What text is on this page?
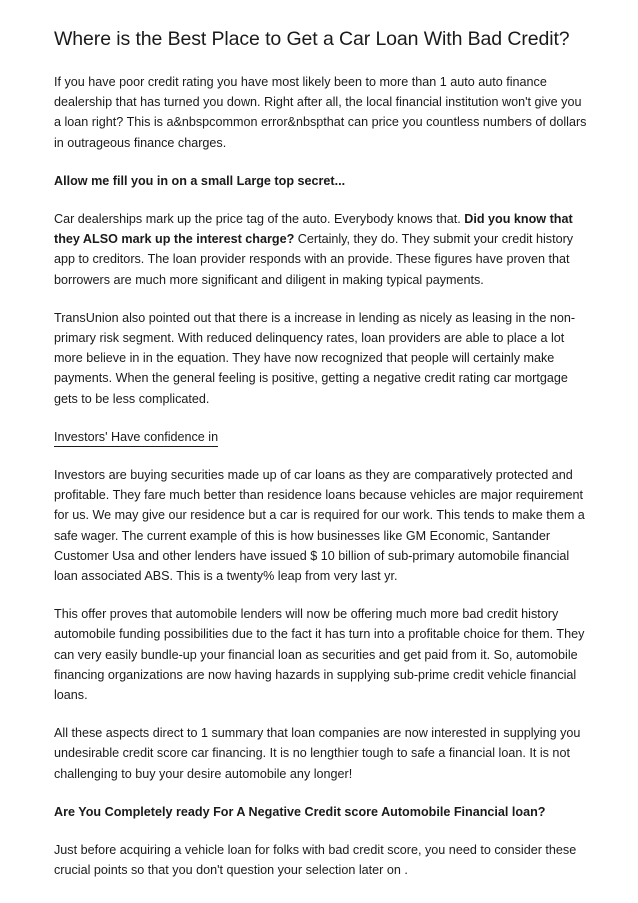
Where is the Best Place to Get a Car Loan With Bad Credit?

If you have poor credit rating you have most likely been to more than 1 auto auto finance dealership that has turned you down. Right after all, the local financial institution won't give you a loan right? This is a&nbspcommon error&nbspthat can price you countless numbers of dollars in outrageous finance charges.

Allow me fill you in on a small Large top secret...

Car dealerships mark up the price tag of the auto. Everybody knows that. Did you know that they ALSO mark up the interest charge? Certainly, they do. They submit your credit history app to creditors. The loan provider responds with an provide. These figures have proven that borrowers are much more significant and diligent in making typical payments.

TransUnion also pointed out that there is a increase in lending as nicely as leasing in the non-primary risk segment. With reduced delinquency rates, loan providers are able to place a lot more believe in in the equation. They have now recognized that people will certainly make payments. When the general feeling is positive, getting a negative credit rating car mortgage gets to be less complicated.

Investors' Have confidence in

Investors are buying securities made up of car loans as they are comparatively protected and profitable. They fare much better than residence loans because vehicles are major requirement for us. We may give our residence but a car is required for our work. This tends to make them a safe wager. The current example of this is how businesses like GM Economic, Santander Customer Usa and other lenders have issued $ 10 billion of sub-primary automobile financial loan associated ABS. This is a twenty% leap from very last yr.

This offer proves that automobile lenders will now be offering much more bad credit history automobile funding possibilities due to the fact it has turn into a profitable choice for them. They can very easily bundle-up your financial loan as securities and get paid from it. So, automobile financing organizations are now having hazards in supplying sub-prime credit vehicle financial loans.

All these aspects direct to 1 summary that loan companies are now interested in supplying you undesirable credit score car financing. It is no lengthier tough to safe a financial loan. It is not challenging to buy your desire automobile any longer!

Are You Completely ready For A Negative Credit score Automobile Financial loan?

Just before acquiring a vehicle loan for folks with bad credit score, you need to consider these crucial points so that you don't question your selection later on .
